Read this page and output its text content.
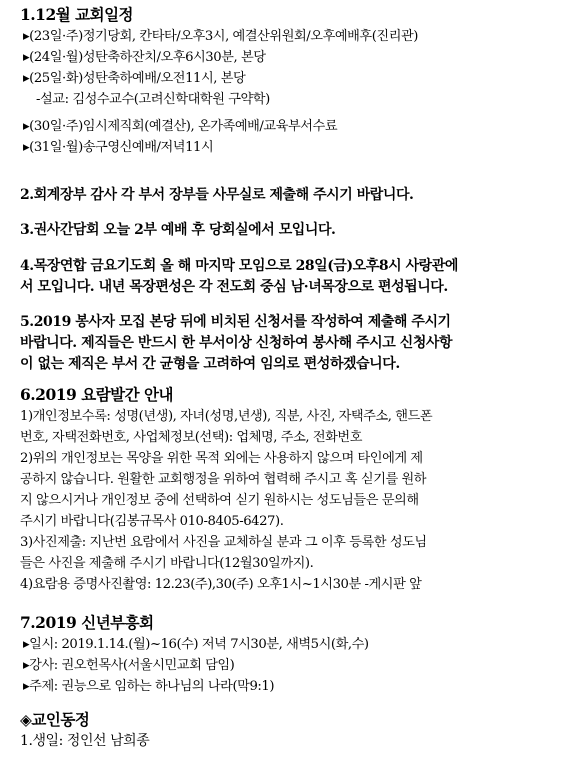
1.12월 교회일정
▸(23일·주)정기당회, 칸타타/오후3시, 예결산위원회/오후예배후(진리관)
▸(24일·월)성탄축하잔치/오후6시30분, 본당
▸(25일·화)성탄축하예배/오전11시, 본당
-설교: 김성수교수(고려신학대학원 구약학)
▸(30일·주)임시제직회(예결산), 온가족예배/교육부서수료
▸(31일·월)송구영신예배/저녁11시
2.회계장부 감사 각 부서 장부들 사무실로 제출해 주시기 바랍니다.
3.권사간담회 오늘 2부 예배 후 당회실에서 모입니다.
4.목장연합 금요기도회 올 해 마지막 모임으로 28일(금)오후8시 사랑관에
서 모입니다. 내년 목장편성은 각 전도회 중심 남·녀목장으로 편성됩니다.
5.2019 봉사자 모집 본당 뒤에 비치된 신청서를 작성하여 제출해 주시기
바랍니다. 제직들은 반드시 한 부서이상 신청하여 봉사해 주시고 신청사항
이 없는 제직은 부서 간 균형을 고려하여 임의로 편성하겠습니다.
6.2019 요람발간 안내
1)개인정보수록: 성명(년생), 자녀(성명,년생), 직분, 사진, 자택주소, 핸드폰
번호, 자택전화번호, 사업체정보(선택): 업체명, 주소, 전화번호
2)위의 개인정보는 목양을 위한 목적 외에는 사용하지 않으며 타인에게 제
공하지 않습니다. 원활한 교회행정을 위하여 협력해 주시고 혹 싣기를 원하
지 않으시거나 개인정보 중에 선택하여 싣기 원하시는 성도님들은 문의해
주시기 바랍니다(김봉규목사 010-8405-6427).
3)사진제출: 지난번 요람에서 사진을 교체하실 분과 그 이후 등록한 성도님
들은 사진을 제출해 주시기 바랍니다(12월30일까지).
4)요람용 증명사진촬영: 12.23(주),30(주) 오후1시~1시30분 -게시판 앞
7.2019 신년부흥회
▸일시: 2019.1.14.(월)~16(수) 저녁 7시30분, 새벽5시(화,수)
▸강사: 권오헌목사(서울시민교회 담임)
▸주제: 권능으로 임하는 하나님의 나라(막9:1)
◈교인동정
1.생일: 정인선 남희종
